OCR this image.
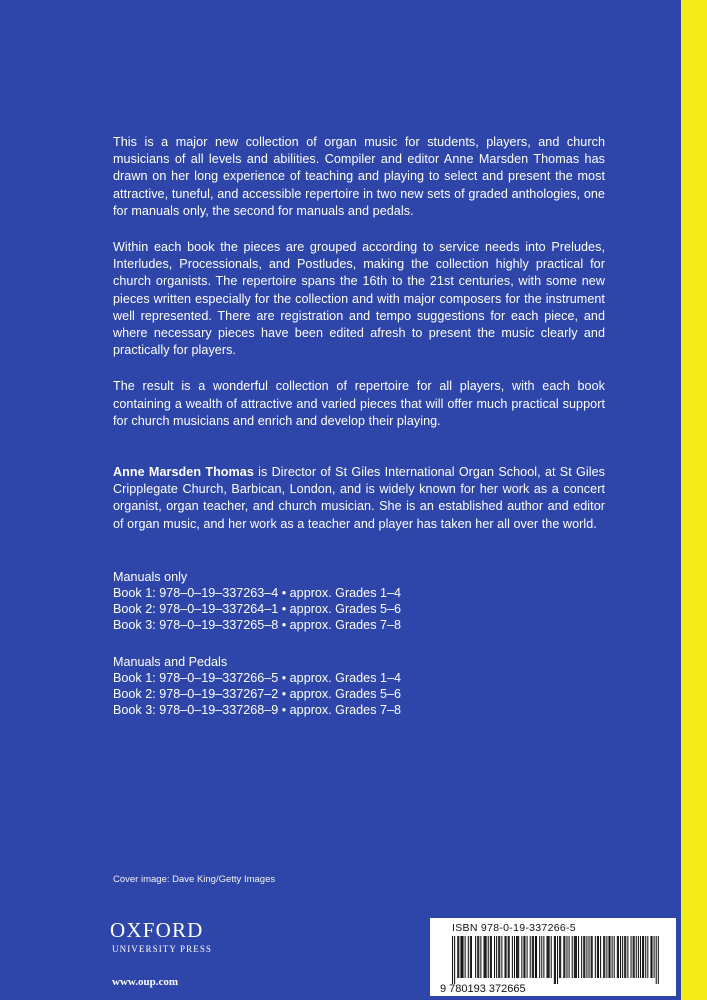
This is a major new collection of organ music for students, players, and church musicians of all levels and abilities. Compiler and editor Anne Marsden Thomas has drawn on her long experience of teaching and playing to select and present the most attractive, tuneful, and accessible repertoire in two new sets of graded anthologies, one for manuals only, the second for manuals and pedals.

Within each book the pieces are grouped according to service needs into Preludes, Interludes, Processionals, and Postludes, making the collection highly practical for church organists. The repertoire spans the 16th to the 21st centuries, with some new pieces written especially for the collection and with major composers for the instrument well represented. There are registration and tempo suggestions for each piece, and where necessary pieces have been edited afresh to present the music clearly and practically for players.

The result is a wonderful collection of repertoire for all players, with each book containing a wealth of attractive and varied pieces that will offer much practical support for church musicians and enrich and develop their playing.

Anne Marsden Thomas is Director of St Giles International Organ School, at St Giles Cripplegate Church, Barbican, London, and is widely known for her work as a concert organist, organ teacher, and church musician. She is an established author and editor of organ music, and her work as a teacher and player has taken her all over the world.

Manuals only
Book 1: 978–0–19–337263–4 • approx. Grades 1–4
Book 2: 978–0–19–337264–1 • approx. Grades 5–6
Book 3: 978–0–19–337265–8 • approx. Grades 7–8
Manuals and Pedals
Book 1: 978–0–19–337266–5 • approx. Grades 1–4
Book 2: 978–0–19–337267–2 • approx. Grades 5–6
Book 3: 978–0–19–337268–9 • approx. Grades 7–8
Cover image: Dave King/Getty Images
OXFORD
UNIVERSITY PRESS
www.oup.com
ISBN 978-0-19-337266-5
9 780193 372665
